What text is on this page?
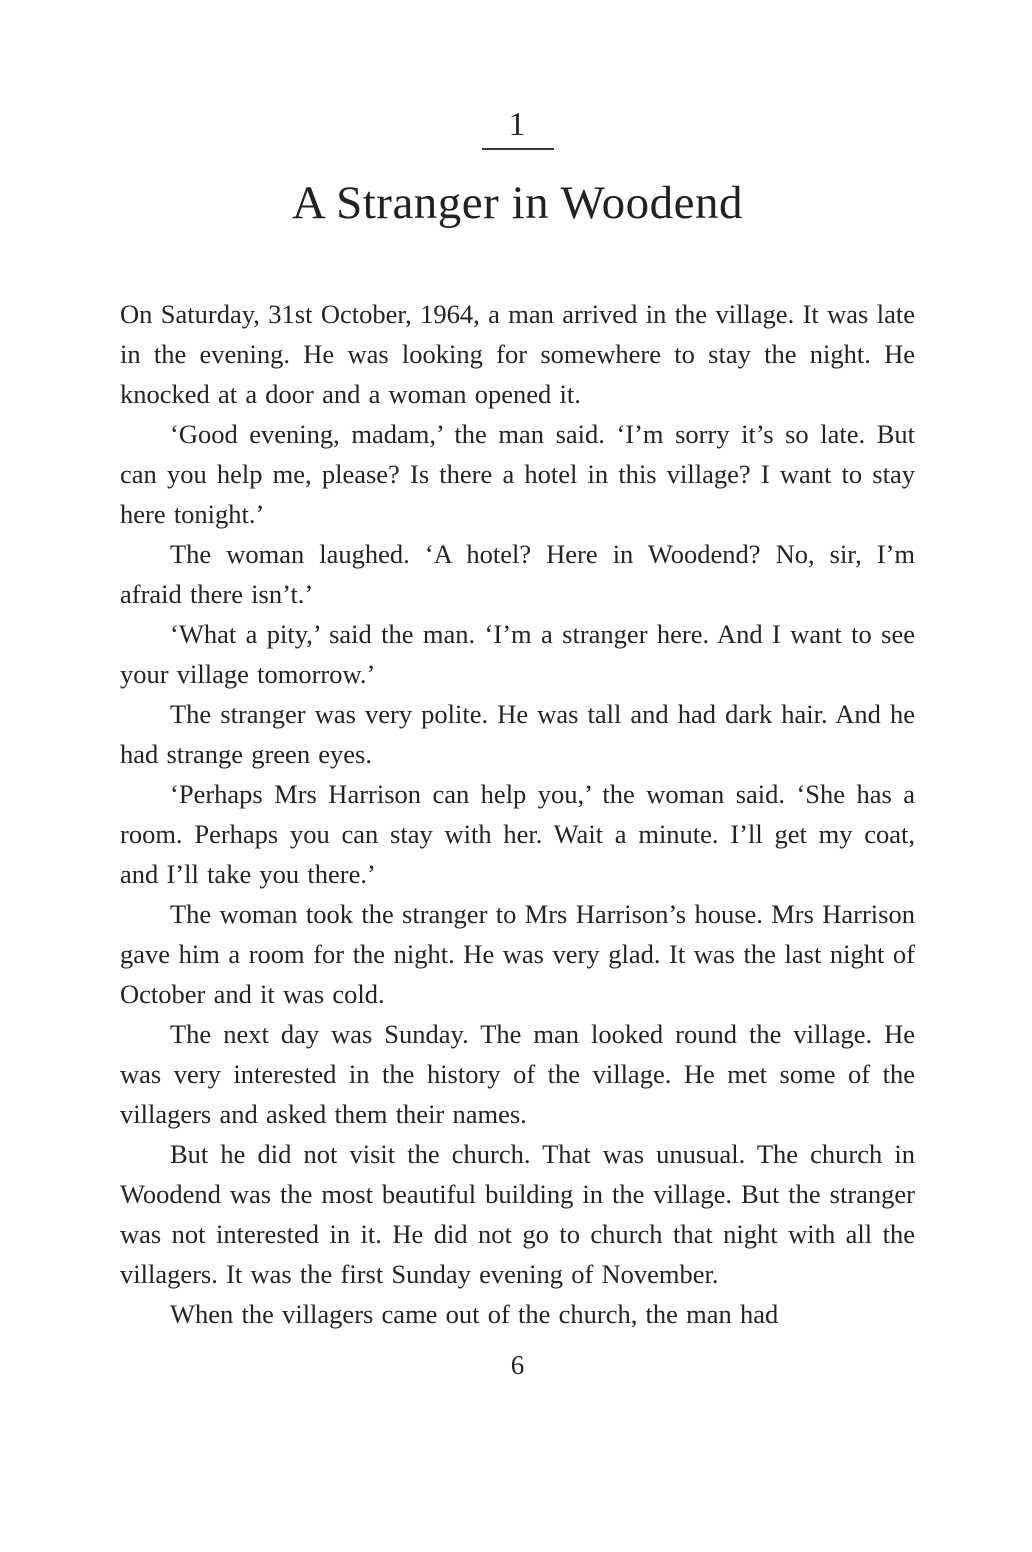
1
A Stranger in Woodend

On Saturday, 31st October, 1964, a man arrived in the village. It was late in the evening. He was looking for somewhere to stay the night. He knocked at a door and a woman opened it.

‘Good evening, madam,’ the man said. ‘I’m sorry it’s so late. But can you help me, please? Is there a hotel in this village? I want to stay here tonight.’

The woman laughed. ‘A hotel? Here in Woodend? No, sir, I’m afraid there isn’t.’

‘What a pity,’ said the man. ‘I’m a stranger here. And I want to see your village tomorrow.’

The stranger was very polite. He was tall and had dark hair. And he had strange green eyes.

‘Perhaps Mrs Harrison can help you,’ the woman said. ‘She has a room. Perhaps you can stay with her. Wait a minute. I’ll get my coat, and I’ll take you there.’

The woman took the stranger to Mrs Harrison’s house. Mrs Harrison gave him a room for the night. He was very glad. It was the last night of October and it was cold.

The next day was Sunday. The man looked round the village. He was very interested in the history of the village. He met some of the villagers and asked them their names.

But he did not visit the church. That was unusual. The church in Woodend was the most beautiful building in the village. But the stranger was not interested in it. He did not go to church that night with all the villagers. It was the first Sunday evening of November.

When the villagers came out of the church, the man had

6
